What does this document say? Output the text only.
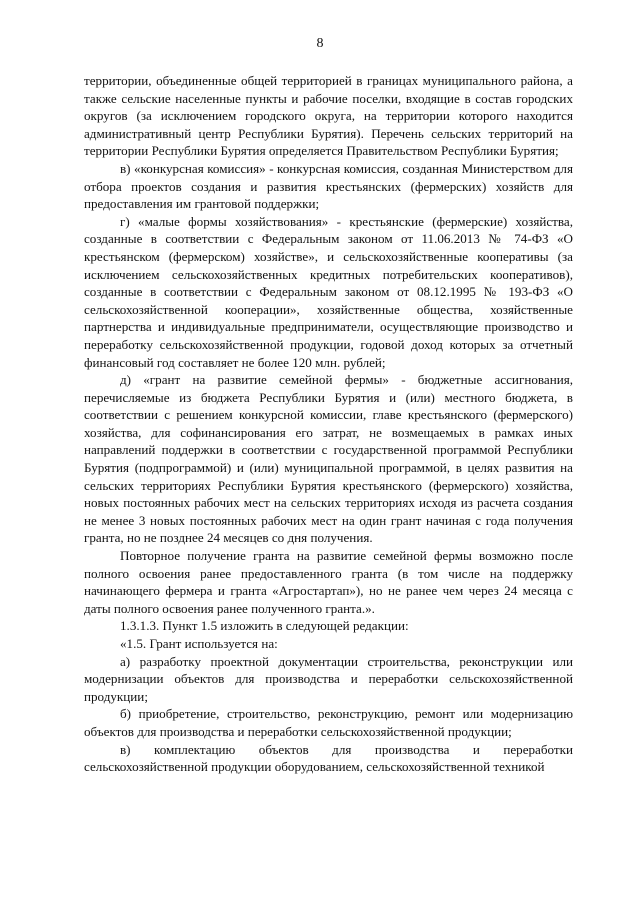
8

территории, объединенные общей территорией в границах муниципального района, а также сельские населенные пункты и рабочие поселки, входящие в состав городских округов (за исключением городского округа, на территории которого находится административный центр Республики Бурятия). Перечень сельских территорий на территории Республики Бурятия определяется Правительством Республики Бурятия;

в) «конкурсная комиссия» - конкурсная комиссия, созданная Министерством для отбора проектов создания и развития крестьянских (фермерских) хозяйств для предоставления им грантовой поддержки;

г) «малые формы хозяйствования» - крестьянские (фермерские) хозяйства, созданные в соответствии с Федеральным законом от 11.06.2013 № 74-ФЗ «О крестьянском (фермерском) хозяйстве», и сельскохозяйственные кооперативы (за исключением сельскохозяйственных кредитных потребительских кооперативов), созданные в соответствии с Федеральным законом от 08.12.1995 № 193-ФЗ «О сельскохозяйственной кооперации», хозяйственные общества, хозяйственные партнерства и индивидуальные предприниматели, осуществляющие производство и переработку сельскохозяйственной продукции, годовой доход которых за отчетный финансовый год составляет не более 120 млн. рублей;

д) «грант на развитие семейной фермы» - бюджетные ассигнования, перечисляемые из бюджета Республики Бурятия и (или) местного бюджета, в соответствии с решением конкурсной комиссии, главе крестьянского (фермерского) хозяйства, для софинансирования его затрат, не возмещаемых в рамках иных направлений поддержки в соответствии с государственной программой Республики Бурятия (подпрограммой) и (или) муниципальной программой, в целях развития на сельских территориях Республики Бурятия крестьянского (фермерского) хозяйства, новых постоянных рабочих мест на сельских территориях исходя из расчета создания не менее 3 новых постоянных рабочих мест на один грант начиная с года получения гранта, но не позднее 24 месяцев со дня получения.

Повторное получение гранта на развитие семейной фермы возможно после полного освоения ранее предоставленного гранта (в том числе на поддержку начинающего фермера и гранта «Агростартап»), но не ранее чем через 24 месяца с даты полного освоения ранее полученного гранта.».

1.3.1.3. Пункт 1.5 изложить в следующей редакции:

«1.5. Грант используется на:

а) разработку проектной документации строительства, реконструкции или модернизации объектов для производства и переработки сельскохозяйственной продукции;

б) приобретение, строительство, реконструкцию, ремонт или модернизацию объектов для производства и переработки сельскохозяйственной продукции;

в) комплектацию объектов для производства и переработки сельскохозяйственной продукции оборудованием, сельскохозяйственной техникой
